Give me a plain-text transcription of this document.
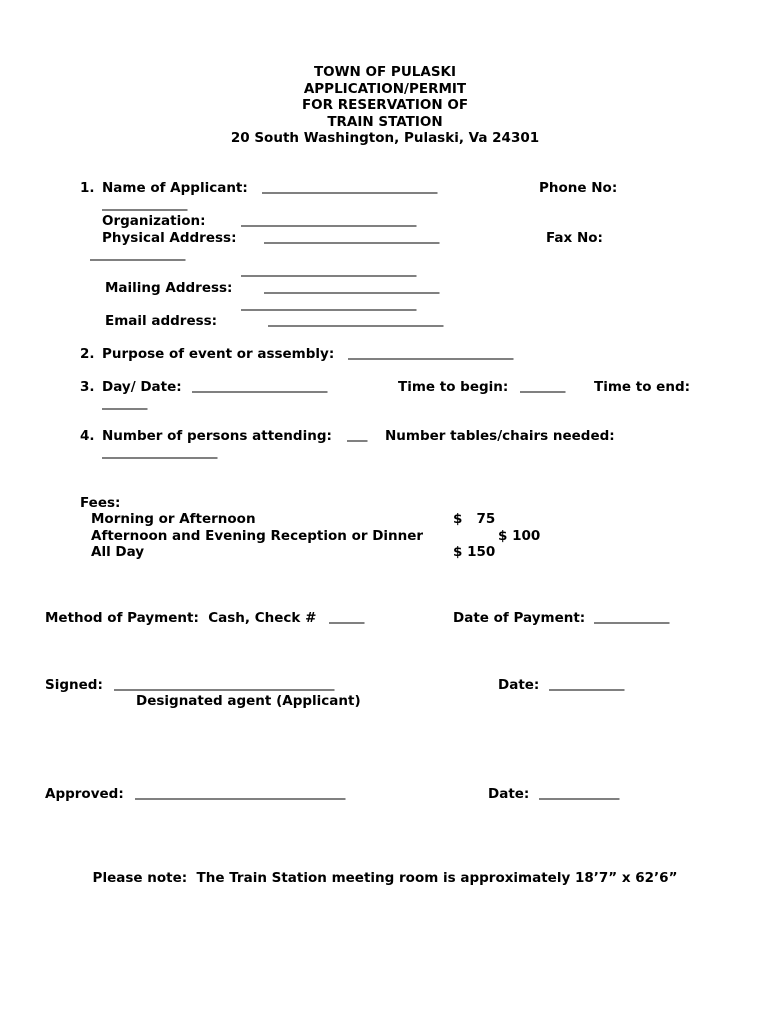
TOWN OF PULASKI
APPLICATION/PERMIT
FOR RESERVATION OF
TRAIN STATION
20 South Washington, Pulaski, Va 24301
1. Name of Applicant: ___________________________________	Phone No:
_________________
Organization:	___________________________________
Physical Address:	___________________________________	Fax No:
___________________
___________________________________
Mailing Address:	___________________________________
___________________________________
Email address:	___________________________________
2. Purpose of event or assembly: _________________________________
3. Day/ Date: ___________________________	Time to begin: _________ Time to end:
_________
4. Number of persons attending: ____ Number tables/chairs needed:
_______________________
Fees:
Morning or Afternoon	$   75
Afternoon and Evening Reception or Dinner	$ 100
All Day	$ 150
Method of Payment:  Cash, Check # _______	Date of Payment: _______________
Signed: ____________________________________________	Date: _______________
Designated agent (Applicant)
Approved: __________________________________________	Date: ________________
Please note:  The Train Station meeting room is approximately 18’7” x 62’6”
